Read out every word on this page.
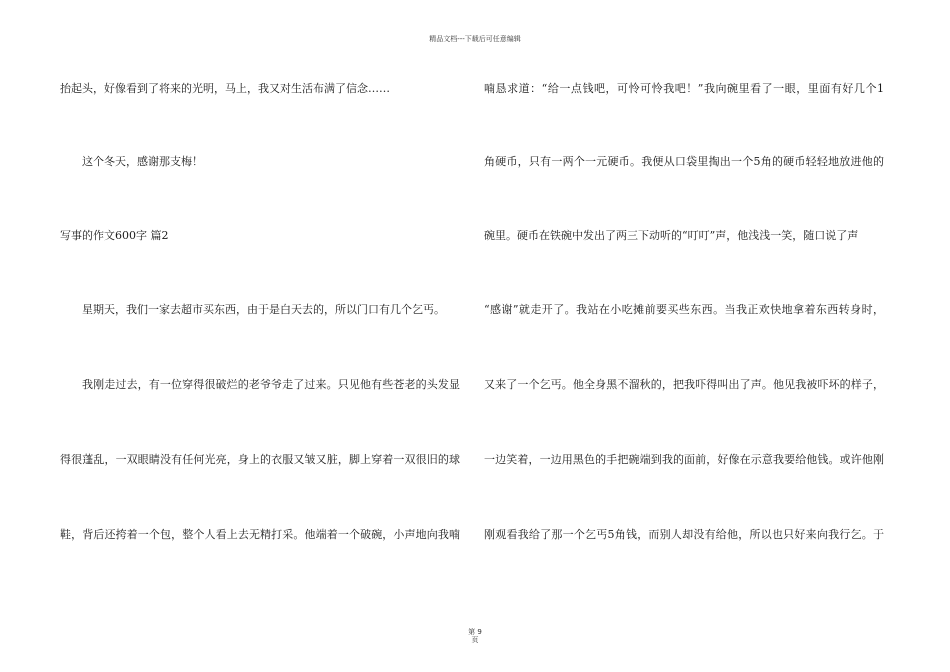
精品文档---下载后可任意编辑
抬起头，好像看到了将来的光明，马上，我又对生活布满了信念……
这个冬天，感谢那支梅！
写事的作文600字 篇2
星期天，我们一家去超市买东西，由于是白天去的，所以门口有几个乞丐。
我刚走过去，有一位穿得很破烂的老爷爷走了过来。只见他有些苍老的头发显
得很蓬乱，一双眼睛没有任何光亮，身上的衣服又皱又脏，脚上穿着一双很旧的球
鞋，背后还挎着一个包，整个人看上去无精打采。他端着一个破碗，小声地向我喃
喃恳求道：“给一点钱吧，可怜可怜我吧！”我向碗里看了一眼，里面有好几个1
角硬币，只有一两个一元硬币。我便从口袋里掏出一个5角的硬币轻轻地放进他的
碗里。硬币在铁碗中发出了两三下动听的“叮叮”声，他浅浅一笑，随口说了声
“感谢”就走开了。我站在小吃摊前要买些东西。当我正欢快地拿着东西转身时，
又来了一个乞丐。他全身黑不溜秋的，把我吓得叫出了声。他见我被吓坏的样子，
一边笑着，一边用黑色的手把碗端到我的面前，好像在示意我要给他钱。或许他刚
刚观看我给了那一个乞丐5角钱，而别人却没有给他，所以也只好来向我行乞。于
第 9
页
